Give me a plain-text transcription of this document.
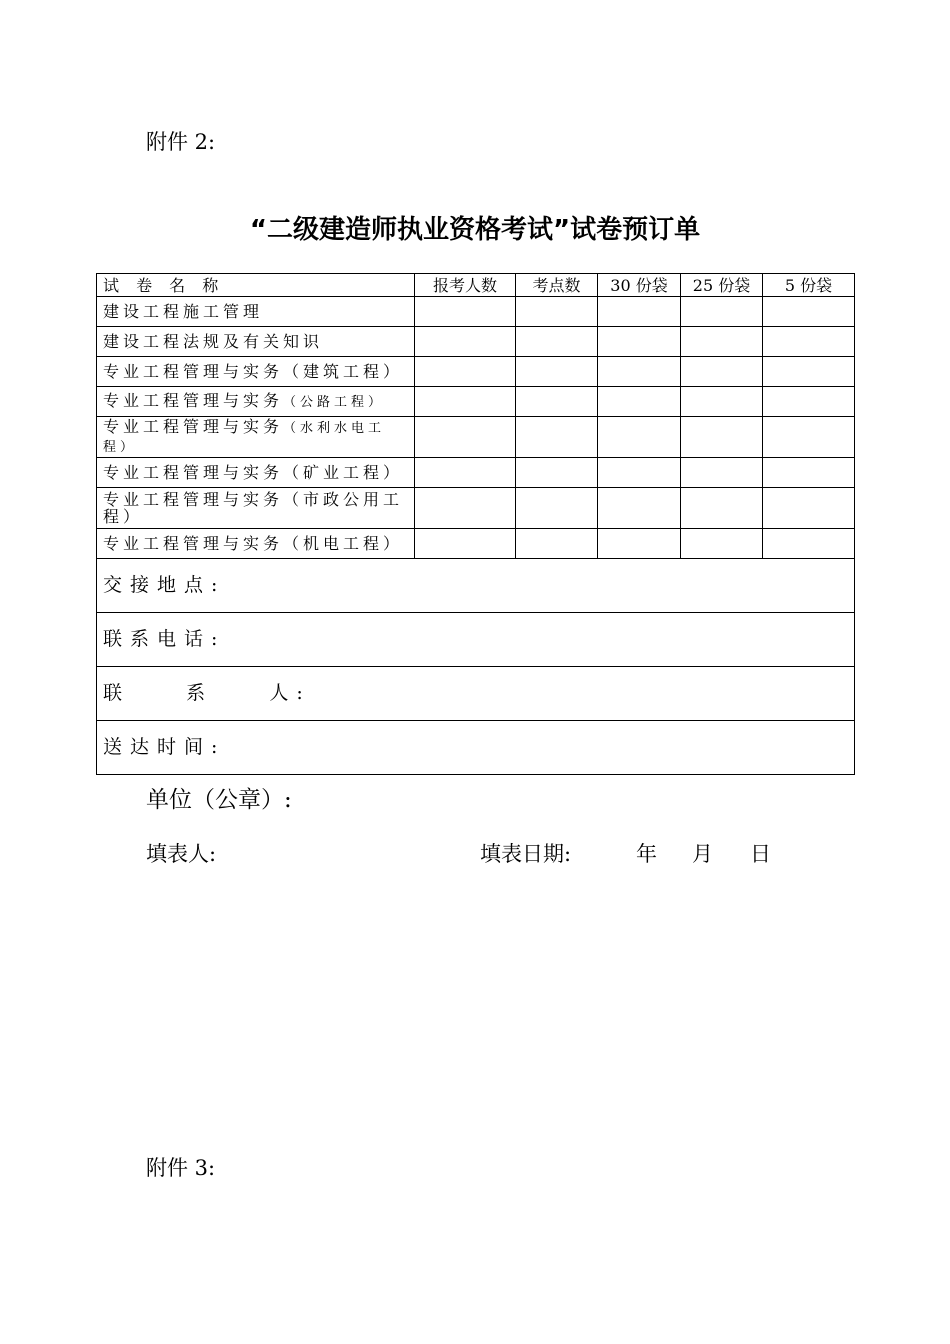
附件 2:
“二级建造师执业资格考试”试卷预订单
试 卷 名 称	报考人数	考点数	30 份袋	25 份袋	5 份袋
建设工程施工管理					
建设工程法规及有关知识					
专业工程管理与实务（建筑工程）					
专业工程管理与实务（公路工程）					
专业工程管理与实务（水利水电工程）					
专业工程管理与实务（矿业工程）					
专业工程管理与实务（市政公用工程）					
专业工程管理与实务（机电工程）					
交接地点:					
联系电话:					
联    系    人:					
送达时间:					
单位（公章）:
填表人:	填表日期:	年 月 日
附件 3:
